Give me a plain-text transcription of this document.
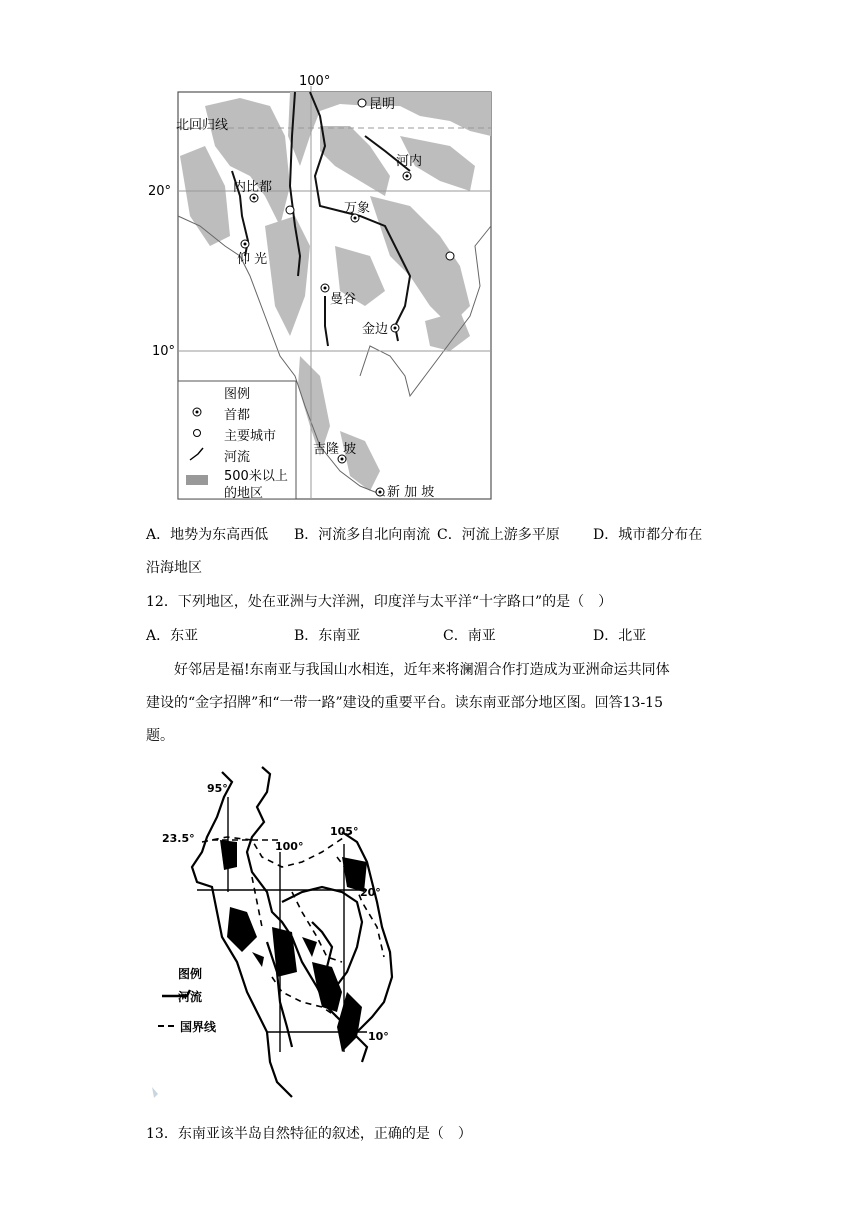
100°
20°
10°
北回归线
昆明
河内
内比都
万象
仰 光
曼谷
金边
吉隆 坡
新 加 坡
图例
首都
主要城市
河流
500米以上
的地区
A．地势为东高西低 B．河流多自北向南流 C．河流上游多平原 D．城市都分布在
沿海地区
12．下列地区，处在亚洲与大洋洲，印度洋与太平洋“十字路口”的是（　）
A．东亚	B．东南亚	C．南亚	D．北亚
好邻居是福!东南亚与我国山水相连，近年来将澜湄合作打造成为亚洲命运共同体
建设的“金字招牌”和“一带一路”建设的重要平台。读东南亚部分地区图。回答13-15
题。
95°
100°
105°
23.5°
20°
10°
图例
河流
国界线
13．东南亚该半岛自然特征的叙述，正确的是（　）
